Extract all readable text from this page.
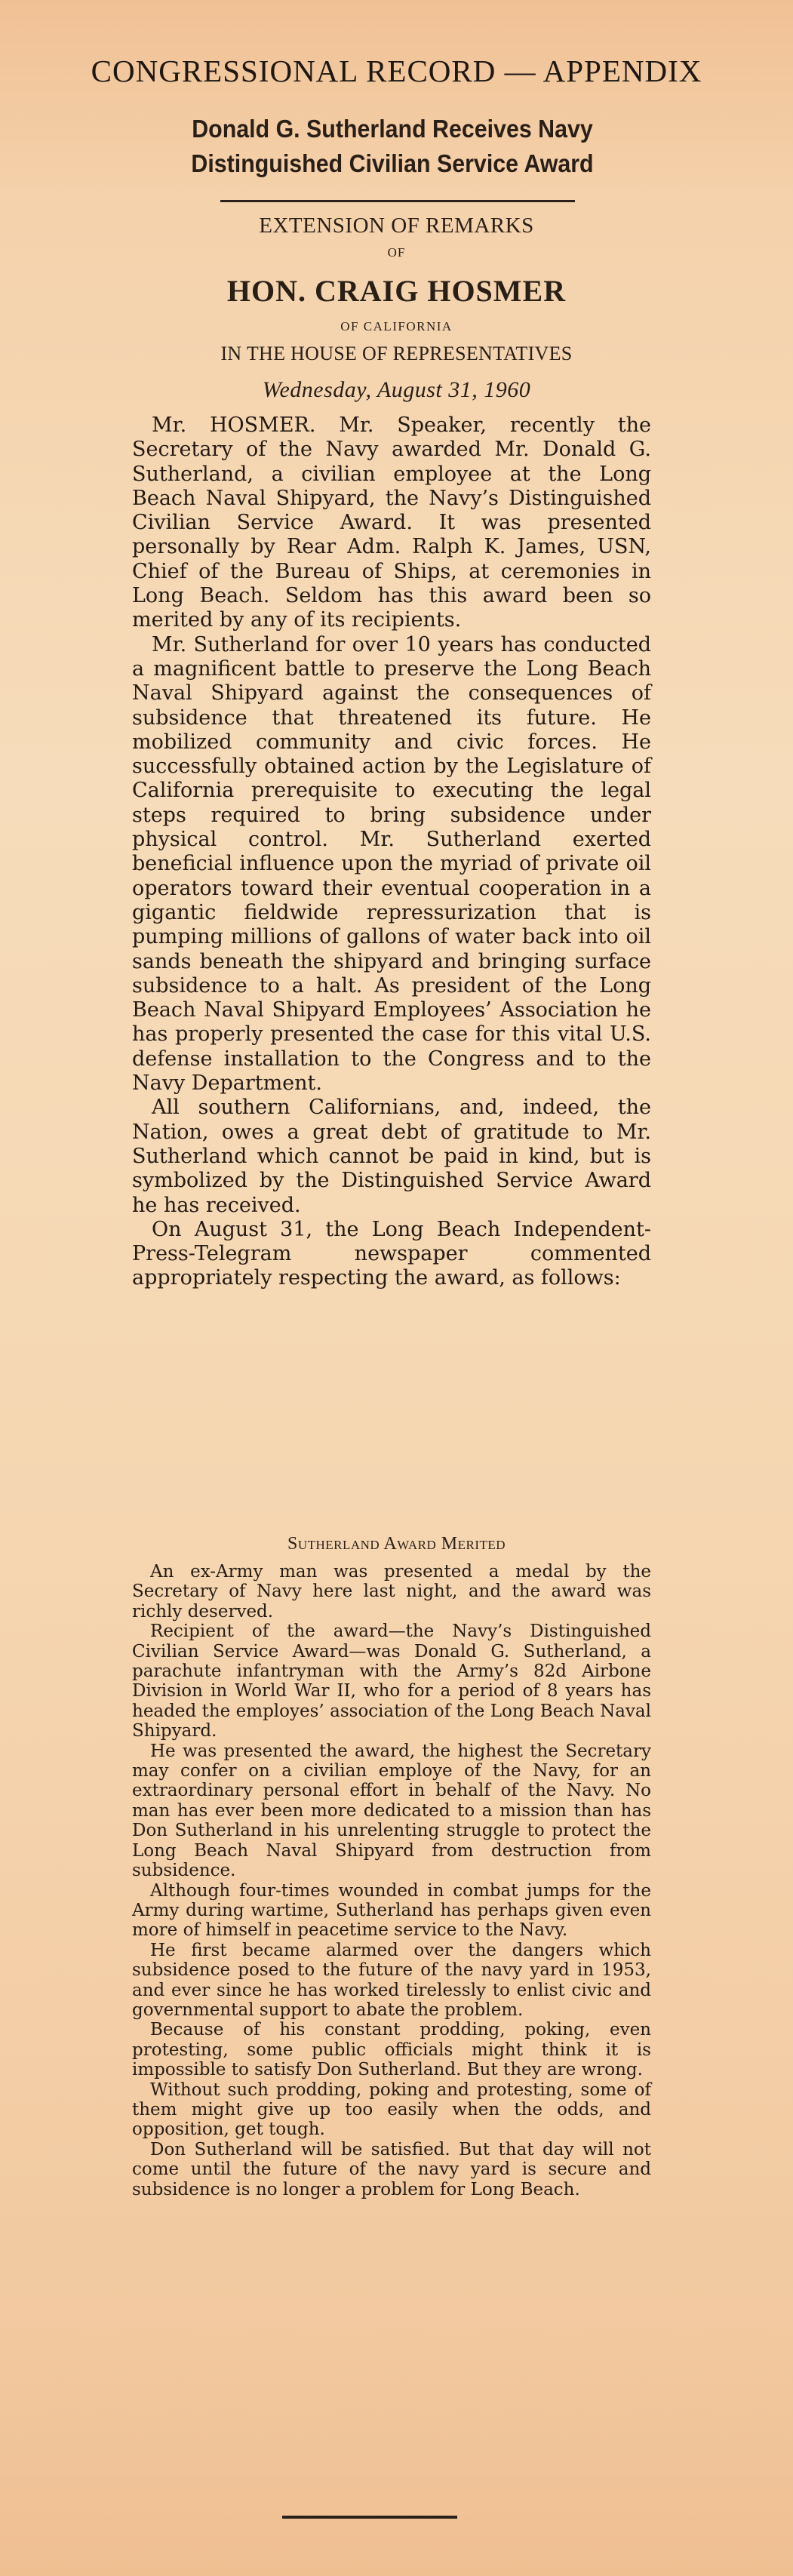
CONGRESSIONAL RECORD — APPENDIX
Donald G. Sutherland Receives Navy
Distinguished Civilian Service Award
EXTENSION OF REMARKS
OF
HON. CRAIG HOSMER
OF CALIFORNIA
IN THE HOUSE OF REPRESENTATIVES
Wednesday, August 31, 1960

Mr. HOSMER. Mr. Speaker, recently the Secretary of the Navy awarded Mr. Donald G. Sutherland, a civilian employee at the Long Beach Naval Shipyard, the Navy’s Distinguished Civilian Service Award. It was presented personally by Rear Adm. Ralph K. James, USN, Chief of the Bureau of Ships, at ceremonies in Long Beach. Seldom has this award been so merited by any of its recipients.

Mr. Sutherland for over 10 years has conducted a magnificent battle to preserve the Long Beach Naval Shipyard against the consequences of subsidence that threatened its future. He mobilized community and civic forces. He successfully obtained action by the Legislature of California prerequisite to executing the legal steps required to bring subsidence under physical control. Mr. Sutherland exerted beneficial influence upon the myriad of private oil operators toward their eventual cooperation in a gigantic fieldwide repressurization that is pumping millions of gallons of water back into oil sands beneath the shipyard and bringing surface subsidence to a halt. As president of the Long Beach Naval Shipyard Employees’ Association he has properly presented the case for this vital U.S. defense installation to the Congress and to the Navy Department.

All southern Californians, and, indeed, the Nation, owes a great debt of gratitude to Mr. Sutherland which cannot be paid in kind, but is symbolized by the Distinguished Service Award he has received.

On August 31, the Long Beach Independent-Press-Telegram newspaper commented appropriately respecting the award, as follows:

Sutherland Award Merited

An ex-Army man was presented a medal by the Secretary of Navy here last night, and the award was richly deserved.

Recipient of the award—the Navy’s Distinguished Civilian Service Award—was Donald G. Sutherland, a parachute infantryman with the Army’s 82d Airbone Division in World War II, who for a period of 8 years has headed the employes’ association of the Long Beach Naval Shipyard.

He was presented the award, the highest the Secretary may confer on a civilian employe of the Navy, for an extraordinary personal effort in behalf of the Navy. No man has ever been more dedicated to a mission than has Don Sutherland in his unrelenting struggle to protect the Long Beach Naval Shipyard from destruction from subsidence.

Although four-times wounded in combat jumps for the Army during wartime, Sutherland has perhaps given even more of himself in peacetime service to the Navy.

He first became alarmed over the dangers which subsidence posed to the future of the navy yard in 1953, and ever since he has worked tirelessly to enlist civic and governmental support to abate the problem.

Because of his constant prodding, poking, even protesting, some public officials might think it is impossible to satisfy Don Sutherland. But they are wrong.

Without such prodding, poking and protesting, some of them might give up too easily when the odds, and opposition, get tough.

Don Sutherland will be satisfied. But that day will not come until the future of the navy yard is secure and subsidence is no longer a problem for Long Beach.
